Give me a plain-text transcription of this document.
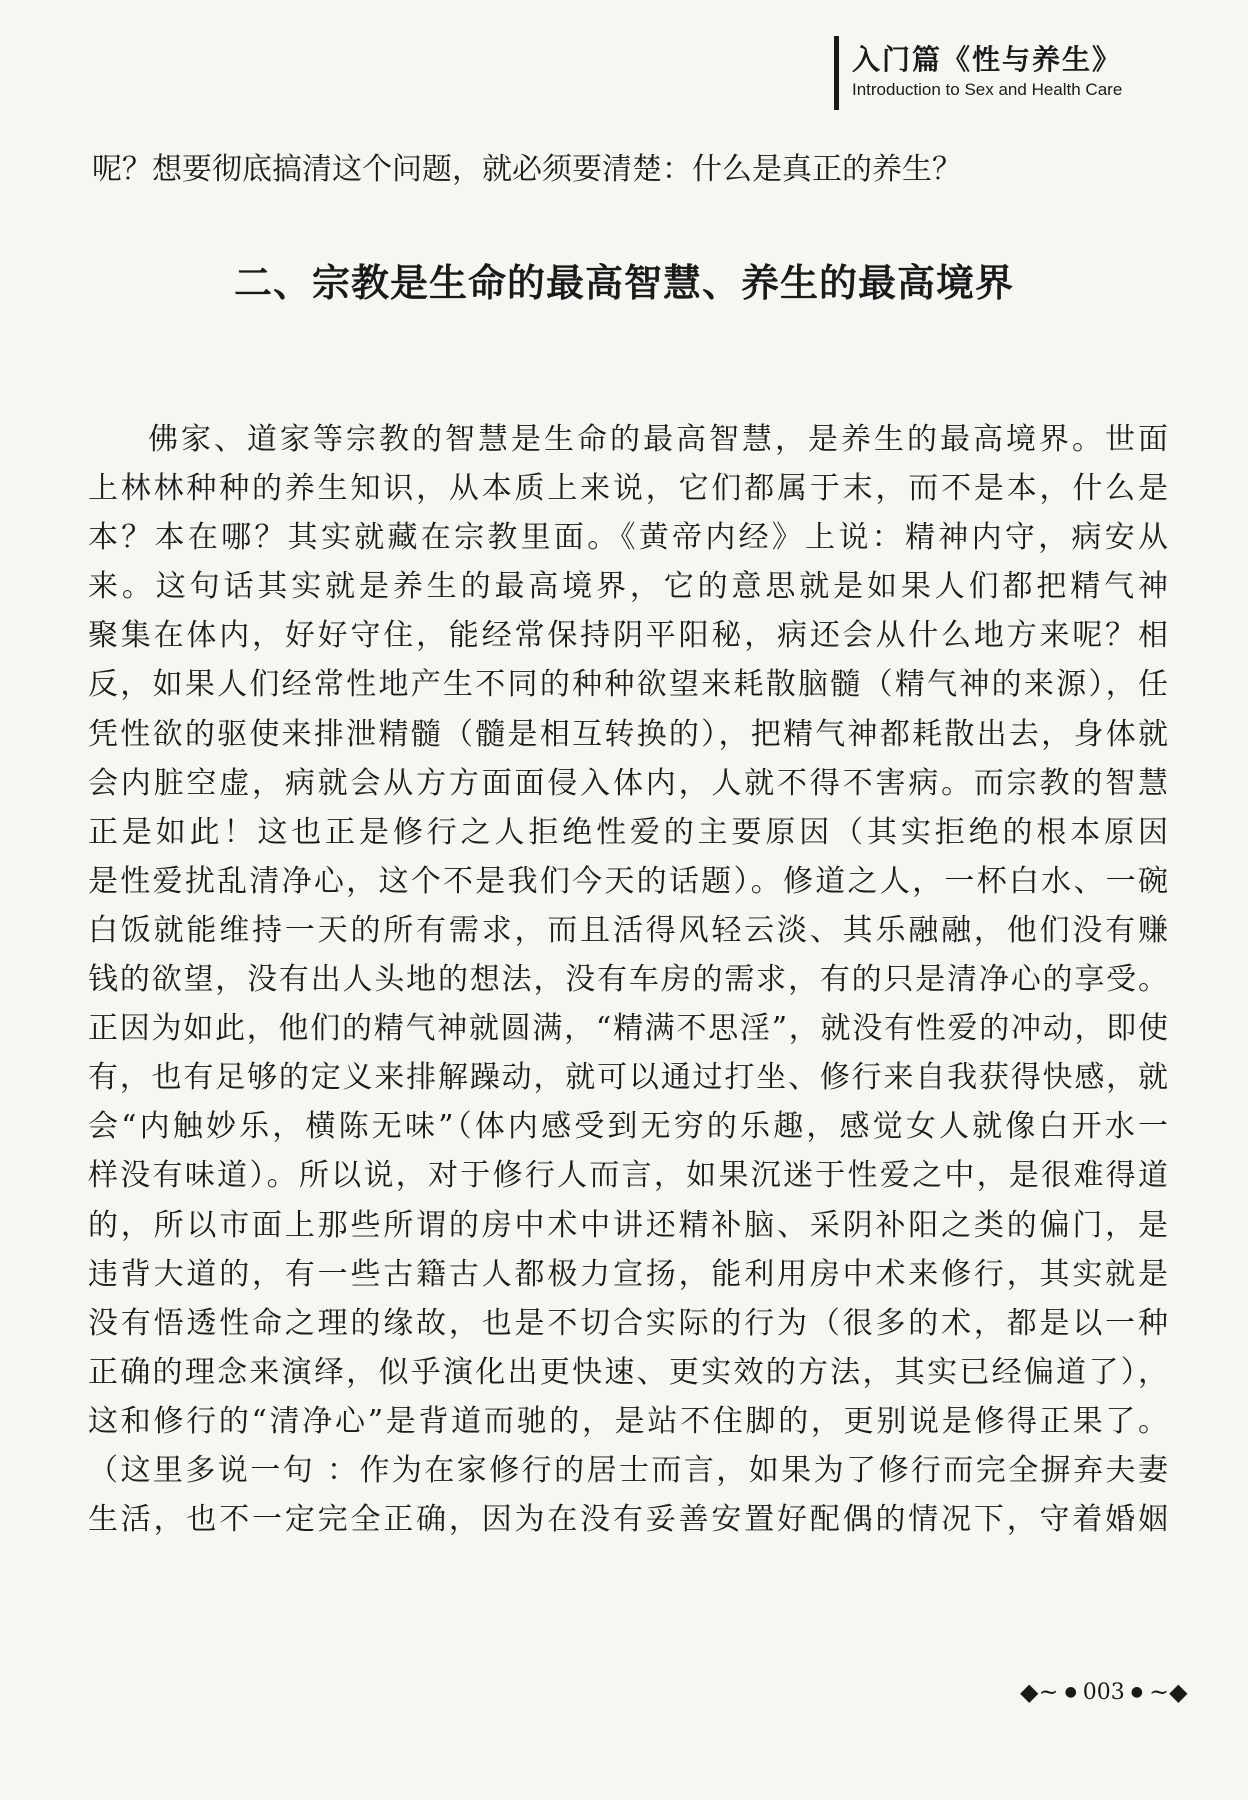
入门篇《性与养生》
Introduction to Sex and Health Care
呢？想要彻底搞清这个问题，就必须要清楚：什么是真正的养生？
二、宗教是生命的最高智慧、养生的最高境界
佛家、道家等宗教的智慧是生命的最高智慧，是养生的最高境界。世面
上林林种种的养生知识，从本质上来说，它们都属于末，而不是本，什么是
本？本在哪？其实就藏在宗教里面。《黄帝内经》上说：精神内守，病安从
来。这句话其实就是养生的最高境界，它的意思就是如果人们都把精气神
聚集在体内，好好守住，能经常保持阴平阳秘，病还会从什么地方来呢？相
反，如果人们经常性地产生不同的种种欲望来耗散脑髓（精气神的来源），任
凭性欲的驱使来排泄精髓（髓是相互转换的），把精气神都耗散出去，身体就
会内脏空虚，病就会从方方面面侵入体内，人就不得不害病。而宗教的智慧
正是如此！这也正是修行之人拒绝性爱的主要原因（其实拒绝的根本原因
是性爱扰乱清净心，这个不是我们今天的话题）。修道之人，一杯白水、一碗
白饭就能维持一天的所有需求，而且活得风轻云淡、其乐融融，他们没有赚
钱的欲望，没有出人头地的想法，没有车房的需求，有的只是清净心的享受。
正因为如此，他们的精气神就圆满，“精满不思淫”，就没有性爱的冲动，即使
有，也有足够的定义来排解躁动，就可以通过打坐、修行来自我获得快感，就
会“内触妙乐，横陈无味”（体内感受到无穷的乐趣，感觉女人就像白开水一
样没有味道）。所以说，对于修行人而言，如果沉迷于性爱之中，是很难得道
的，所以市面上那些所谓的房中术中讲还精补脑、采阴补阳之类的偏门，是
违背大道的，有一些古籍古人都极力宣扬，能利用房中术来修行，其实就是
没有悟透性命之理的缘故，也是不切合实际的行为（很多的术，都是以一种
正确的理念来演绎，似乎演化出更快速、更实效的方法，其实已经偏道了），
这和修行的“清净心”是背道而驰的，是站不住脚的，更别说是修得正果了。
（这里多说一句 ：作为在家修行的居士而言，如果为了修行而完全摒弃夫妻
生活，也不一定完全正确，因为在没有妥善安置好配偶的情况下，守着婚姻
◆~ ● 003 ● ~◆
